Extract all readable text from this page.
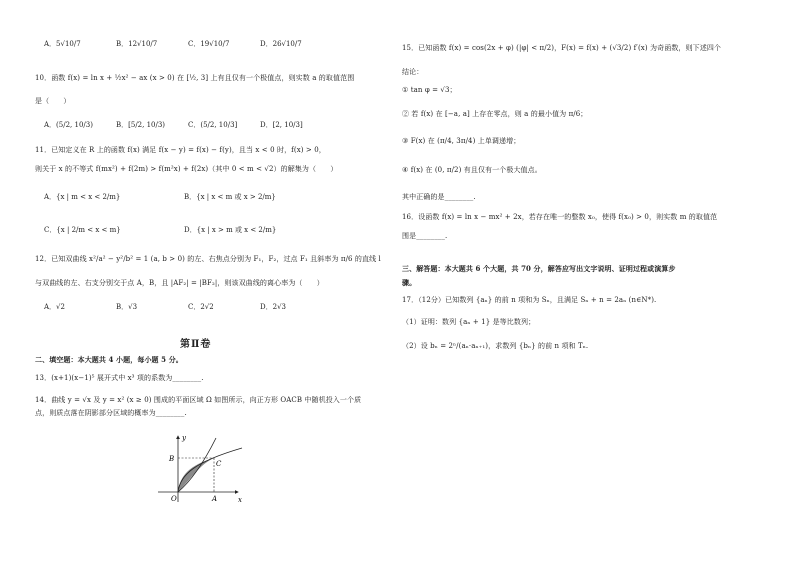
A．5√10/7	B．12√10/7	C．19√10/7	D．26√10/7
10．函数 f(x) = ln x + ½x² − ax (x > 0) 在 [½, 3] 上有且仅有一个极值点，则实数 a 的取值范围
是（　　）
A．(5/2, 10/3)	B．[5/2, 10/3)	C．(5/2, 10/3]	D．[2, 10/3]
11．已知定义在 R 上的函数 f(x) 满足 f(x − y) = f(x) − f(y)，且当 x < 0 时，f(x) > 0，
则关于 x 的不等式 f(mx²) + f(2m) > f(m²x) + f(2x)（其中 0 < m < √2）的解集为（　　）
A．{x | m < x < 2/m}	B．{x | x < m 或 x > 2/m}
C．{x | 2/m < x < m}	D．{x | x > m 或 x < 2/m}
12．已知双曲线 x²/a² − y²/b² = 1 (a, b > 0) 的左、右焦点分别为 F₁，F₂，过点 F₁ 且斜率为 π/6 的直线 l
与双曲线的左、右支分别交于点 A，B，且 |AF₂| = |BF₂|，则该双曲线的离心率为（　　）
A．√2	B．√3	C．2√2	D．2√3
第Ⅱ卷
二、填空题：本大题共 4 小题，每小题 5 分。
13．(x+1)(x−1)⁵ 展开式中 x³ 项的系数为________.
14．曲线 y = √x 及 y = x² (x ≥ 0) 围成的平面区域 Ω 如图所示，向正方形 OACB 中随机投入一个质
点，则质点落在阴影部分区域的概率为________.
y
x
O	A
B
C
15．已知函数 f(x) = cos(2x + φ) (|φ| < π/2)，F(x) = f(x) + (√3/2) f′(x) 为奇函数，则下述四个
结论：
① tan φ = √3；
② 若 f(x) 在 [−a, a] 上存在零点，则 a 的最小值为 π/6；
③ F(x) 在 (π/4, 3π/4) 上单调递增；
④ f(x) 在 (0, π/2) 有且仅有一个极大值点。
其中正确的是________.
16．设函数 f(x) = ln x − mx² + 2x，若存在唯一的整数 x₀，使得 f(x₀) > 0，则实数 m 的取值范
围是________.
三、解答题：本大题共 6 个大题，共 70 分，解答应写出文字说明、证明过程或演算步
骤。
17．（12分）已知数列 {aₙ} 的前 n 项和为 Sₙ，且满足 Sₙ + n = 2aₙ (n∈N*).
（1）证明：数列 {aₙ + 1} 是等比数列；
（2）设 bₙ = 2ⁿ/(aₙ·aₙ₊₁)，求数列 {bₙ} 的前 n 项和 Tₙ.
